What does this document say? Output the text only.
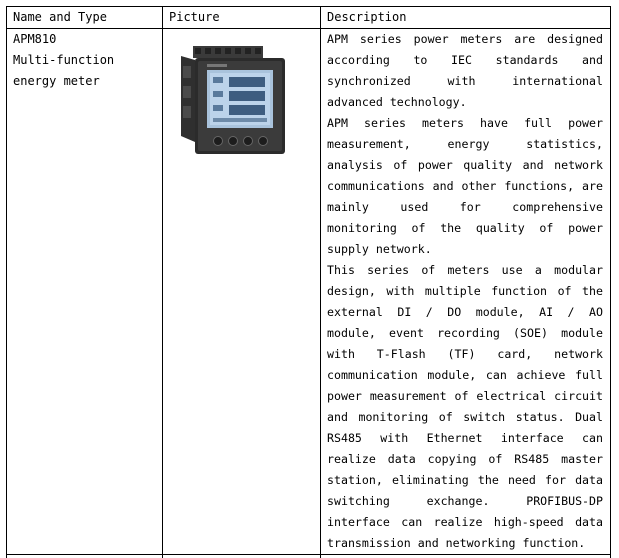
Name and Type	Picture	Description
APM810
Multi-function
energy meter

APM series power meters are designed according to IEC standards and synchronized with international advanced technology.

APM series meters have full power measurement, energy statistics, analysis of power quality and network communications and other functions, are mainly used for comprehensive monitoring of the quality of power supply network.

This series of meters use a modular design, with multiple function of the external DI / DO module, AI / AO module, event recording (SOE) module with T-Flash (TF) card, network communication module, can achieve full power measurement of electrical circuit and monitoring of switch status. Dual RS485 with Ethernet interface can realize data copying of RS485 master station, eliminating the need for data switching exchange. PROFIBUS-DP interface can realize high-speed data transmission and networking function.
